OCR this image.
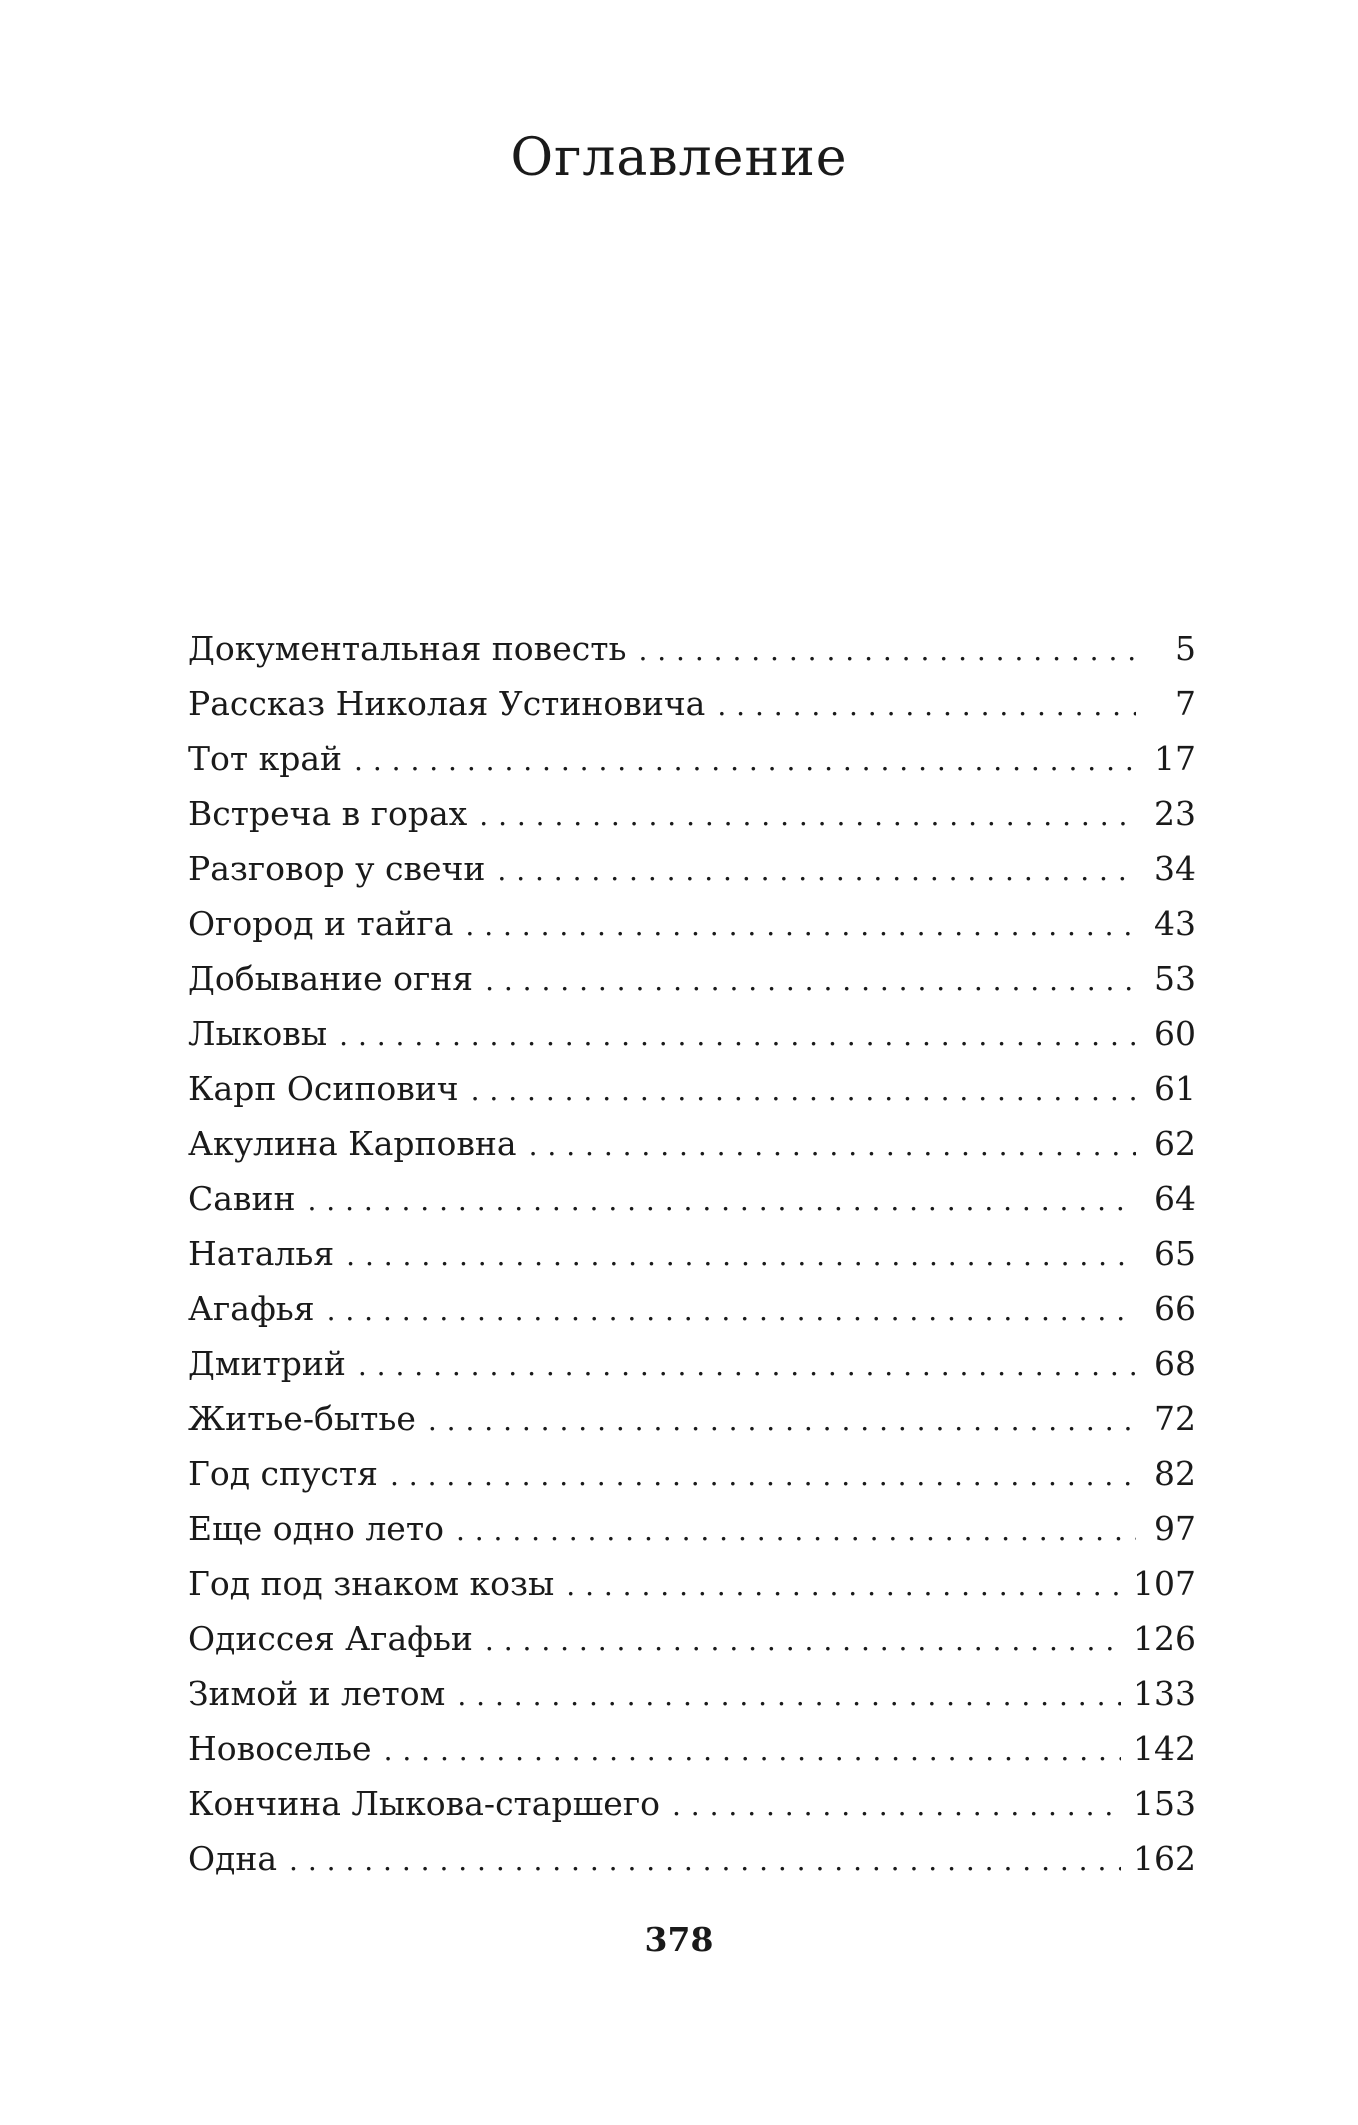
Оглавление
Документальная повесть . . .	5
Рассказ Николая Устиновича . . .	7
Тот край . . .	17
Встреча в горах . . .	23
Разговор у свечи . . .	34
Огород и тайга . . .	43
Добывание огня . . .	53
Лыковы . . .	60
Карп Осипович . . .	61
Акулина Карповна . . .	62
Савин . . .	64
Наталья . . .	65
Агафья . . .	66
Дмитрий . . .	68
Житье-бытье . . .	72
Год спустя . . .	82
Еще одно лето . . .	97
Год под знаком козы . . .	107
Одиссея Агафьи . . .	126
Зимой и летом . . .	133
Новоселье . . .	142
Кончина Лыкова-старшего . . .	153
Одна . . .	162
378
